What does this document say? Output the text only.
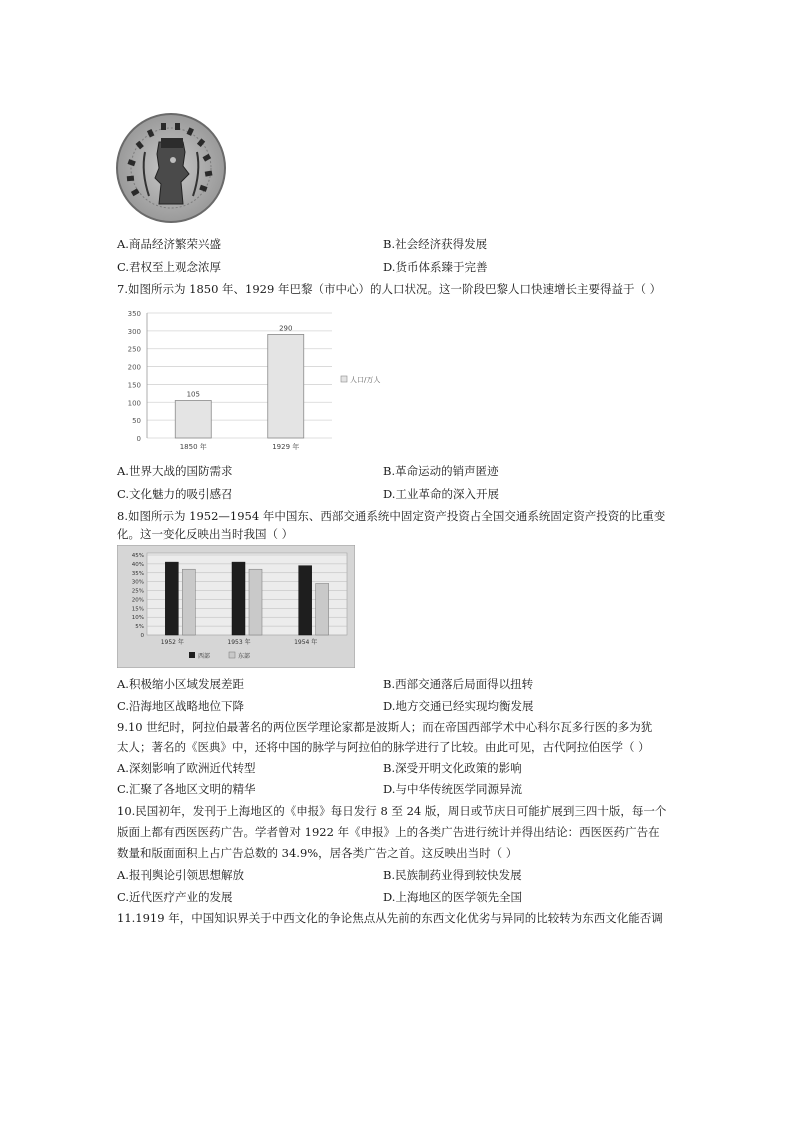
A.商品经济繁荣兴盛	B.社会经济获得发展
C.君权至上观念浓厚	D.货币体系臻于完善
7.如图所示为 1850 年、1929 年巴黎（市中心）的人口状况。这一阶段巴黎人口快速增长主要得益于（ ）
0
50
100
150
200
250
300
350
105
1850 年
290
1929 年
人口/万人
A.世界大战的国防需求	B.革命运动的销声匿迹
C.文化魅力的吸引感召	D.工业革命的深入开展
8.如图所示为 1952—1954 年中国东、西部交通系统中固定资产投资占全国交通系统固定资产投资的比重变
化。这一变化反映出当时我国（ ）
0
5%
10%
15%
20%
25%
30%
35%
40%
45%
1952 年	1953 年	1954 年
西部	东部
A.积极缩小区域发展差距	B.西部交通落后局面得以扭转
C.沿海地区战略地位下降	D.地方交通已经实现均衡发展
9.10 世纪时，阿拉伯最著名的两位医学理论家都是波斯人；而在帝国西部学术中心科尔瓦多行医的多为犹
太人；著名的《医典》中，还将中国的脉学与阿拉伯的脉学进行了比较。由此可见，古代阿拉伯医学（ ）
A.深刻影响了欧洲近代转型	B.深受开明文化政策的影响
C.汇聚了各地区文明的精华	D.与中华传统医学同源异流
10.民国初年，发刊于上海地区的《申报》每日发行 8 至 24 版，周日或节庆日可能扩展到三四十版，每一个
版面上都有西医医药广告。学者曾对 1922 年《申报》上的各类广告进行统计并得出结论：西医医药广告在
数量和版面面积上占广告总数的 34.9%，居各类广告之首。这反映出当时（ ）
A.报刊舆论引领思想解放	B.民族制药业得到较快发展
C.近代医疗产业的发展	D.上海地区的医学领先全国
11.1919 年，中国知识界关于中西文化的争论焦点从先前的东西文化优劣与异同的比较转为东西文化能否调
